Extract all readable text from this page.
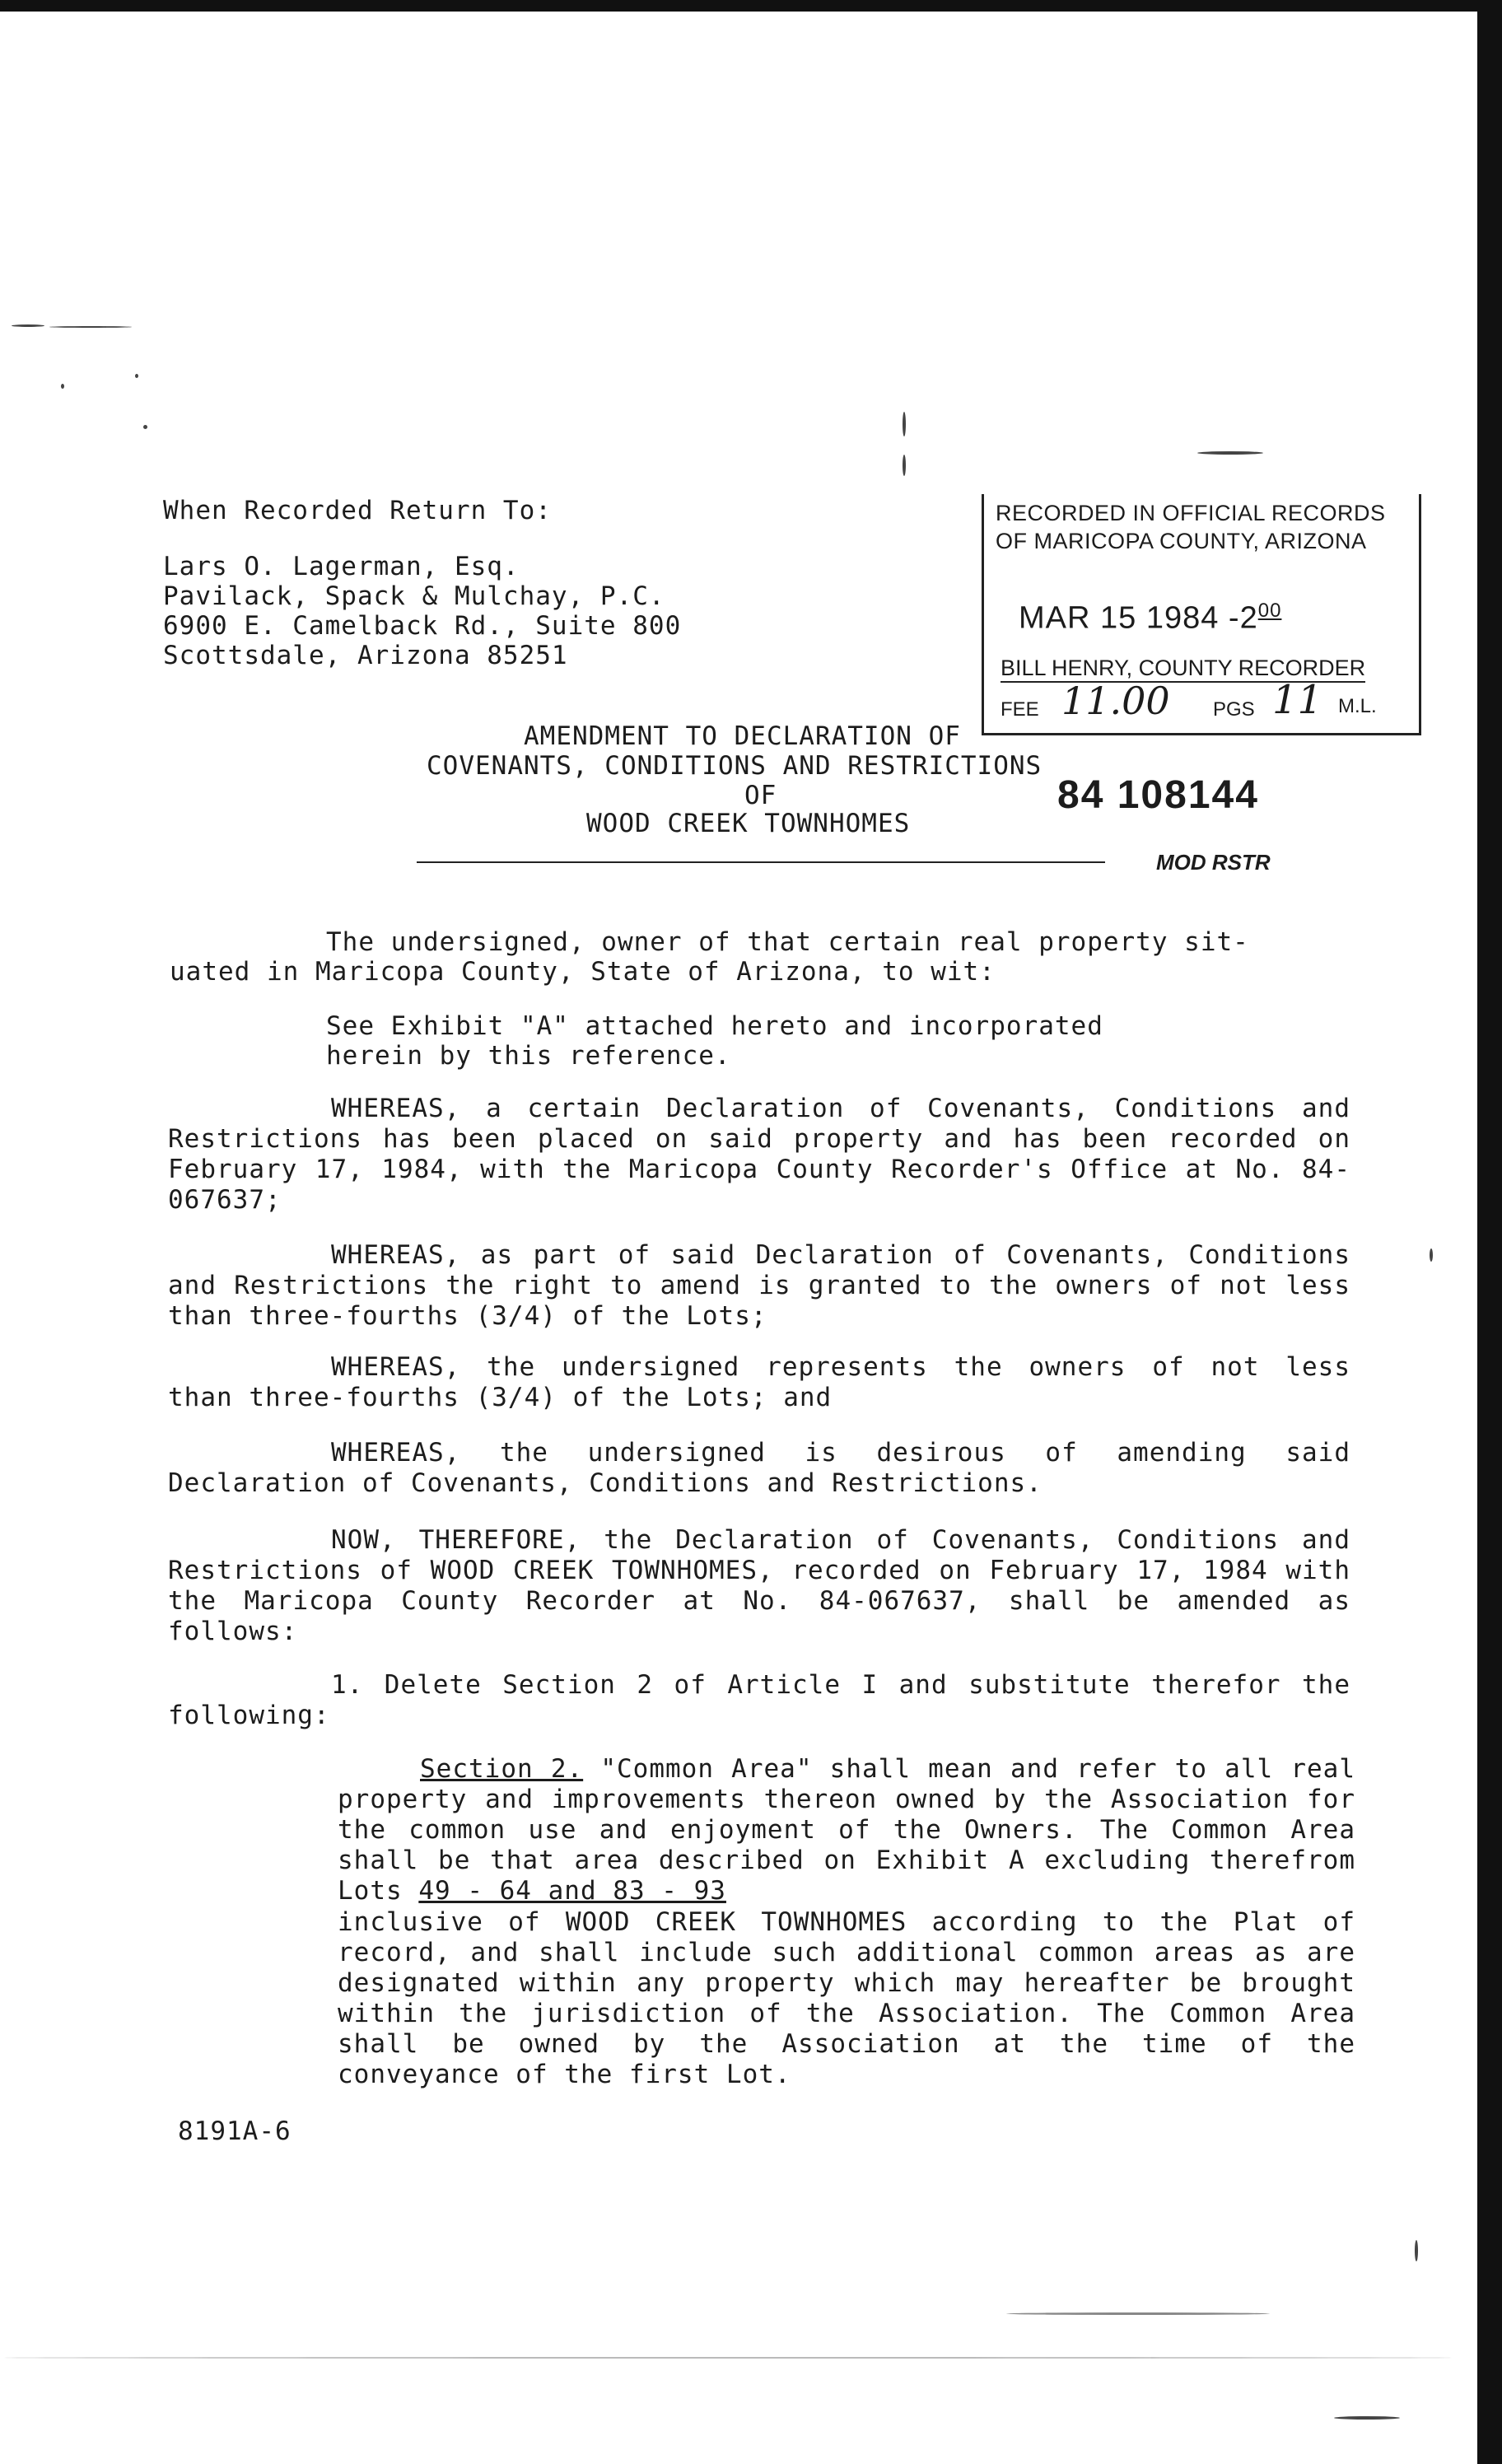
When Recorded Return To:
Lars O. Lagerman, Esq.
Pavilack, Spack & Mulchay, P.C.
6900 E. Camelback Rd., Suite 800
Scottsdale, Arizona 85251
RECORDED IN OFFICIAL RECORDS
OF MARICOPA COUNTY, ARIZONA
MAR 15 1984 $-2^{00}$
BILL HENRY, COUNTY RECORDER
FEE 11.00 PGS 11 M.L.
AMENDMENT TO DECLARATION OF
COVENANTS, CONDITIONS AND RESTRICTIONS
OF
WOOD CREEK TOWNHOMES
84 108144
MOD RSTR
The undersigned, owner of that certain real property sit-
uated in Maricopa County, State of Arizona, to wit:
See Exhibit "A" attached hereto and incorporated
herein by this reference.
WHEREAS, a certain Declaration of Covenants, Conditions and Restrictions has been placed on said property and has been recorded on February 17, 1984, with the Maricopa County Recorder's Office at No. 84-067637;
WHEREAS, as part of said Declaration of Covenants, Conditions and Restrictions the right to amend is granted to the owners of not less than three-fourths (3/4) of the Lots;
WHEREAS, the undersigned represents the owners of not less than three-fourths (3/4) of the Lots; and
WHEREAS, the undersigned is desirous of amending said Declaration of Covenants, Conditions and Restrictions.
NOW, THEREFORE, the Declaration of Covenants, Conditions and Restrictions of WOOD CREEK TOWNHOMES, recorded on February 17, 1984 with the Maricopa County Recorder at No. 84-067637, shall be amended as follows:
1. Delete Section 2 of Article I and substitute therefor the following:
Section 2. "Common Area" shall mean and refer to all real property and improvements thereon owned by the Association for the common use and enjoyment of the Owners. The Common Area shall be that area described on Exhibit A excluding therefrom Lots 49 - 64 and 83 - 93
inclusive of WOOD CREEK TOWNHOMES according to the Plat of record, and shall include such additional common areas as are designated within any property which may hereafter be brought within the jurisdiction of the Association. The Common Area shall be owned by the Association at the time of the conveyance of the first Lot.
8191A-6
